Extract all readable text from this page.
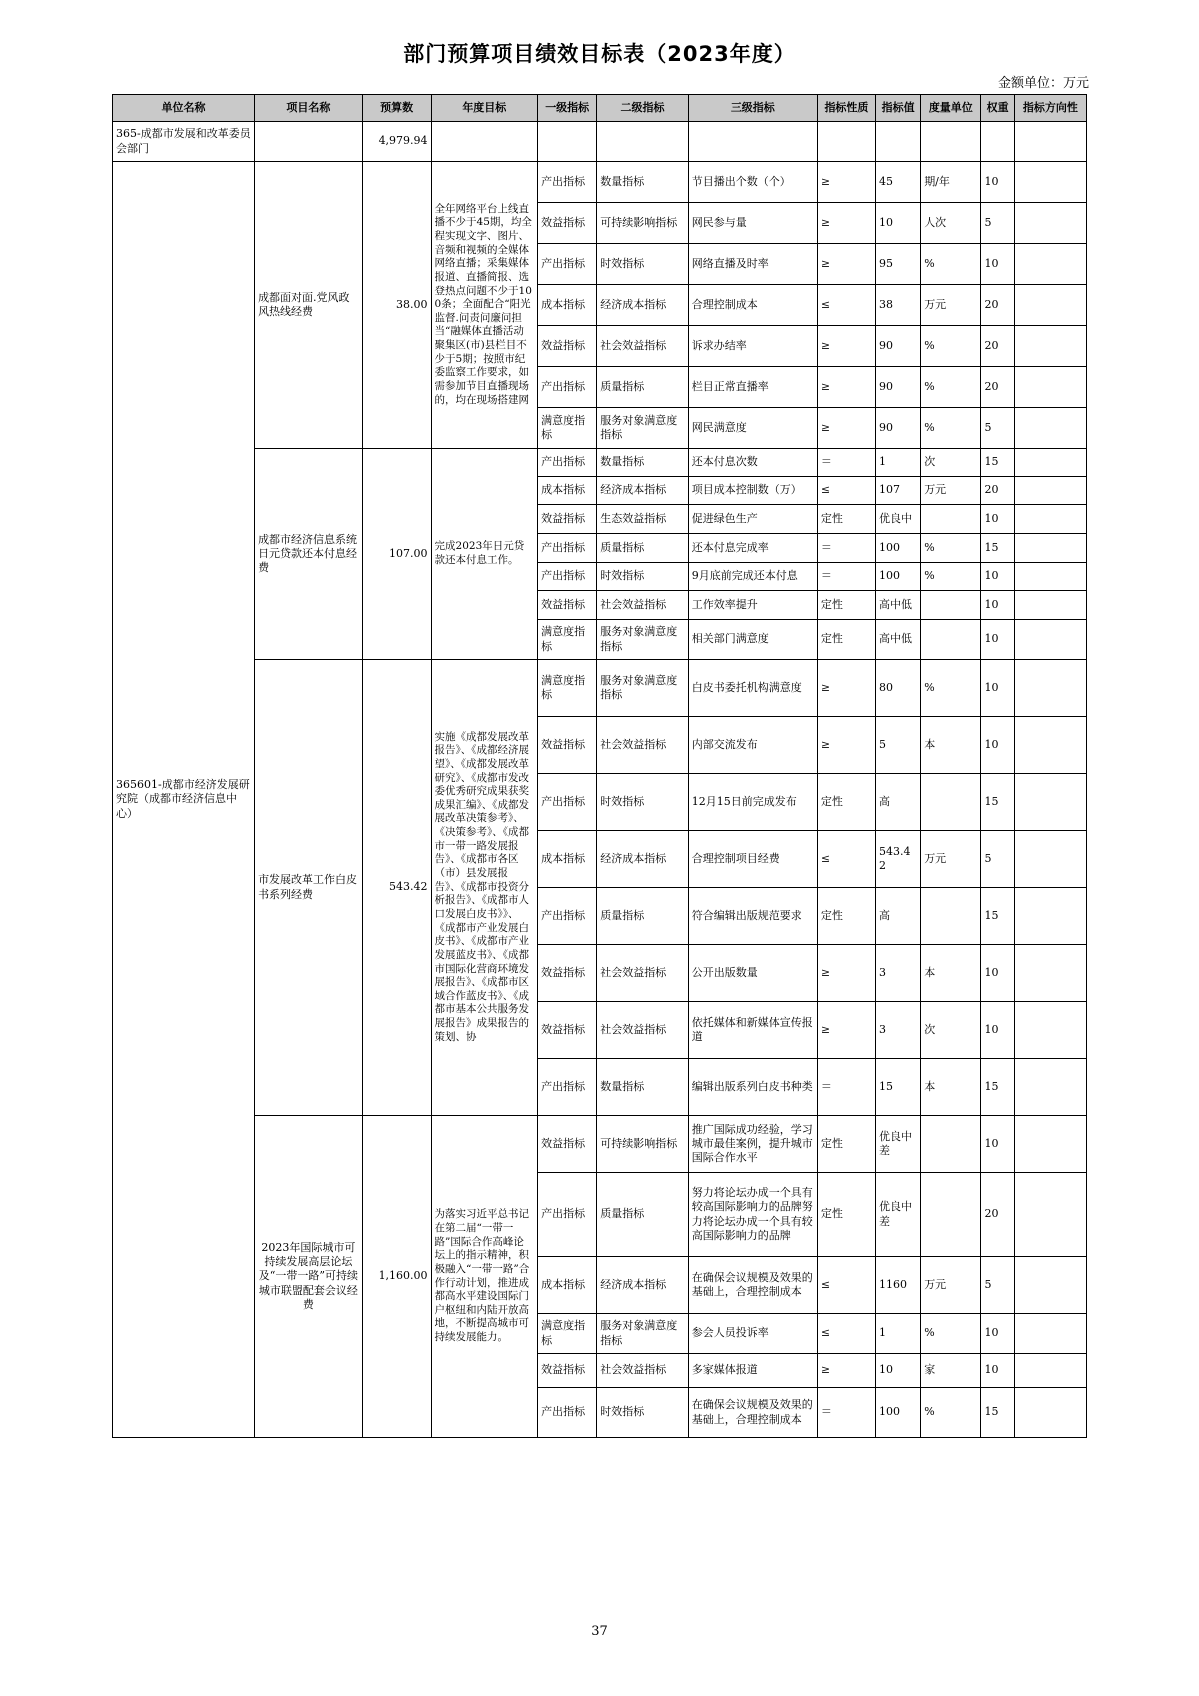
部门预算项目绩效目标表（2023年度）
金额单位：万元
单位名称	项目名称	预算数	年度目标	一级指标	二级指标	三级指标	指标性质	指标值	度量单位	权重	指标方向性
365-成都市发展和改革委员会部门		4,979.94									
365601-成都市经济发展研究院（成都市经济信息中心）	成都面对面.党风政风热线经费	38.00	全年网络平台上线直播不少于45期，均全程实现文字、图片、音频和视频的全媒体网络直播；采集媒体报道、直播简报、选登热点问题不少于100条；全面配合“阳光监督.问责问廉问担当“融媒体直播活动聚集区(市)县栏目不少于5期；按照市纪委监察工作要求，如需参加节目直播现场的，均在现场搭建网	产出指标	数量指标	节目播出个数（个）	≥	45	期/年	10	
				效益指标	可持续影响指标	网民参与量	≥	10	人次	5	
				产出指标	时效指标	网络直播及时率	≥	95	%	10	
				成本指标	经济成本指标	合理控制成本	≤	38	万元	20	
				效益指标	社会效益指标	诉求办结率	≥	90	%	20	
				产出指标	质量指标	栏目正常直播率	≥	90	%	20	
				满意度指标	服务对象满意度指标	网民满意度	≥	90	%	5	
	成都市经济信息系统日元贷款还本付息经费	107.00	完成2023年日元贷款还本付息工作。	产出指标	数量指标	还本付息次数	＝	1	次	15	
				成本指标	经济成本指标	项目成本控制数（万）	≤	107	万元	20	
				效益指标	生态效益指标	促进绿色生产	定性	优良中		10	
				产出指标	质量指标	还本付息完成率	＝	100	%	15	
				产出指标	时效指标	9月底前完成还本付息	＝	100	%	10	
				效益指标	社会效益指标	工作效率提升	定性	高中低		10	
				满意度指标	服务对象满意度指标	相关部门满意度	定性	高中低		10	
	市发展改革工作白皮书系列经费	543.42	实施《成都发展改革报告》、《成都经济展望》、《成都发展改革研究》、《成都市发改委优秀研究成果获奖成果汇编》、《成都发展改革决策参考》、《决策参考》、《成都市一带一路发展报告》、《成都市各区（市）县发展报告》、《成都市投资分析报告》、《成都市人口发展白皮书》》、《成都市产业发展白皮书》、《成都市产业发展蓝皮书》、《成都市国际化营商环境发展报告》、《成都市区域合作蓝皮书》、《成都市基本公共服务发展报告》成果报告的策划、协	满意度指标	服务对象满意度指标	白皮书委托机构满意度	≥	80	%	10	
				效益指标	社会效益指标	内部交流发布	≥	5	本	10	
				产出指标	时效指标	12月15日前完成发布	定性	高		15	
				成本指标	经济成本指标	合理控制项目经费	≤	543.42	万元	5	
				产出指标	质量指标	符合编辑出版规范要求	定性	高		15	
				效益指标	社会效益指标	公开出版数量	≥	3	本	10	
				效益指标	社会效益指标	依托媒体和新媒体宣传报道	≥	3	次	10	
				产出指标	数量指标	编辑出版系列白皮书种类	＝	15	本	15	
	2023年国际城市可持续发展高层论坛及“一带一路”可持续城市联盟配套会议经费	1,160.00	为落实习近平总书记在第二届“一带一路”国际合作高峰论坛上的指示精神，积极融入“一带一路”合作行动计划，推进成都高水平建设国际门户枢纽和内陆开放高地，不断提高城市可持续发展能力。	效益指标	可持续影响指标	推广国际成功经验，学习城市最佳案例，提升城市国际合作水平	定性	优良中差		10	
				产出指标	质量指标	努力将论坛办成一个具有较高国际影响力的品牌努力将论坛办成一个具有较高国际影响力的品牌	定性	优良中差		20	
				成本指标	经济成本指标	在确保会议规模及效果的基础上，合理控制成本	≤	1160	万元	5	
				满意度指标	服务对象满意度指标	参会人员投诉率	≤	1	%	10	
				效益指标	社会效益指标	多家媒体报道	≥	10	家	10	
				产出指标	时效指标	在确保会议规模及效果的基础上，合理控制成本	＝	100	%	15	
37
